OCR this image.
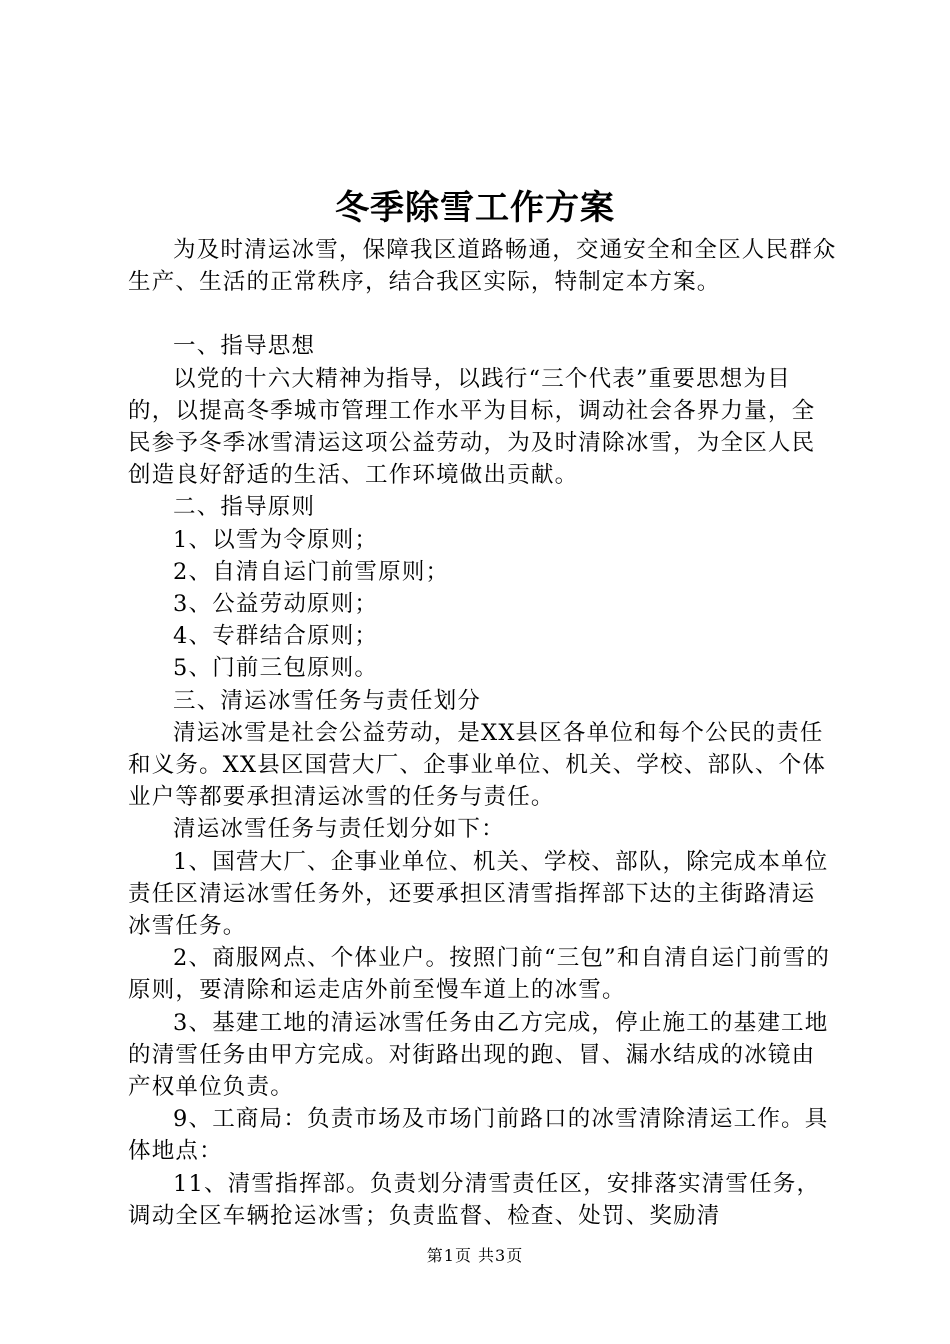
冬季除雪工作方案

为及时清运冰雪，保障我区道路畅通，交通安全和全区人民群众生产、生活的正常秩序，结合我区实际，特制定本方案。

一、指导思想

以党的十六大精神为指导，以践行“三个代表”重要思想为目的，以提高冬季城市管理工作水平为目标，调动社会各界力量，全民参予冬季冰雪清运这项公益劳动，为及时清除冰雪，为全区人民创造良好舒适的生活、工作环境做出贡献。

二、指导原则

1、以雪为令原则；

2、自清自运门前雪原则；

3、公益劳动原则；

4、专群结合原则；

5、门前三包原则。

三、清运冰雪任务与责任划分

清运冰雪是社会公益劳动，是XX县区各单位和每个公民的责任和义务。XX县区国营大厂、企事业单位、机关、学校、部队、个体业户等都要承担清运冰雪的任务与责任。

清运冰雪任务与责任划分如下：

1、国营大厂、企事业单位、机关、学校、部队，除完成本单位责任区清运冰雪任务外，还要承担区清雪指挥部下达的主街路清运冰雪任务。

2、商服网点、个体业户。按照门前“三包”和自清自运门前雪的原则，要清除和运走店外前至慢车道上的冰雪。

3、基建工地的清运冰雪任务由乙方完成，停止施工的基建工地的清雪任务由甲方完成。对街路出现的跑、冒、漏水结成的冰镜由产权单位负责。

9、工商局：负责市场及市场门前路口的冰雪清除清运工作。具体地点：

11、清雪指挥部。负责划分清雪责任区，安排落实清雪任务，调动全区车辆抢运冰雪；负责监督、检查、处罚、奖励清

第1页 共3页
